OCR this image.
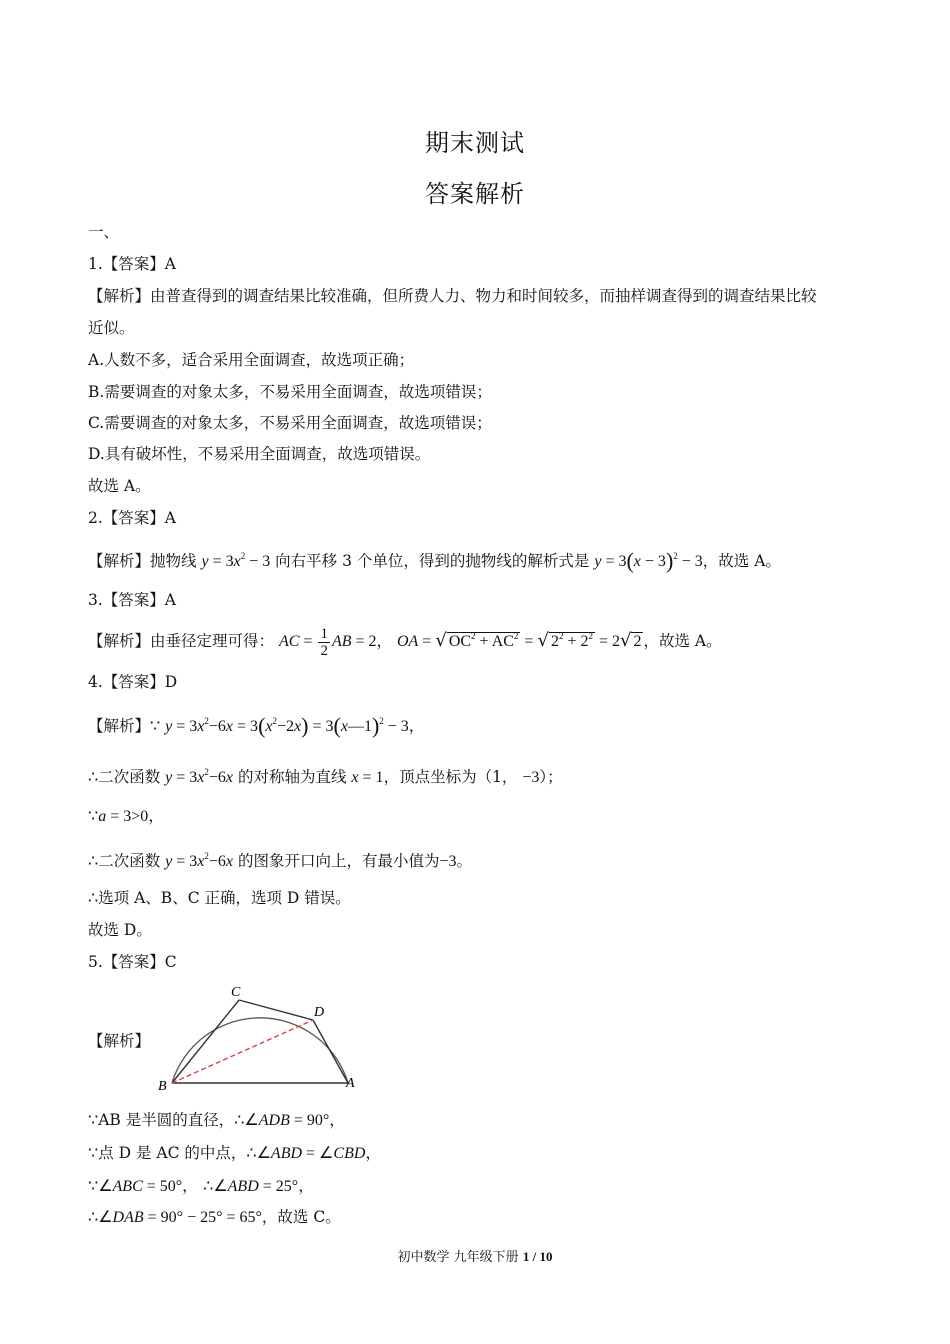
期末测试
答案解析
一、
1.【答案】A
【解析】由普查得到的调查结果比较准确，但所费人力、物力和时间较多，而抽样调查得到的调查结果比较
近似。
A.人数不多，适合采用全面调查，故选项正确；
B.需要调查的对象太多，不易采用全面调查，故选项错误；
C.需要调查的对象太多，不易采用全面调查，故选项错误；
D.具有破坏性，不易采用全面调查，故选项错误。
故选 A。
2.【答案】A
【解析】抛物线 $y = 3x^2 - 3$ 向右平移 3 个单位，得到的抛物线的解析式是 $y = 3(x - 3)^2 - 3$，故选 A。
3.【答案】A
【解析】由垂径定理可得： AC = $\frac{1}{2}$ AB = 2， OA = √ $OC^2 + AC^2$ = √ $2^2 + 2^2 = 2√$ 2 ，故选 A。
4.【答案】D
【解析】∵ $y = 3x^2-6x = 3(x^2-2x)$ = 3(x—1)$^2$ − 3，
∴二次函数 $y = 3x^2-6x$ 的对称轴为直线 x = 1，顶点坐标为（1， −3）；
∵a = 3>0，
∴二次函数 $y = 3x^2-6x$ 的图象开口向上，有最小值为−3。
∴选项 A、B、C 正确，选项 D 错误。
故选 D。
5.【答案】C
【解析】
C
D
B	A
∵AB 是半圆的直径，∴∠ADB = 90°，
∵点 D 是 AC 的中点，∴∠ABD = ∠CBD，
∵∠ABC = 50°， ∴∠ABD = 25°，
∴∠DAB = 90° − 25° = 65°，故选 C。
初中数学 九年级下册 1 / 10
